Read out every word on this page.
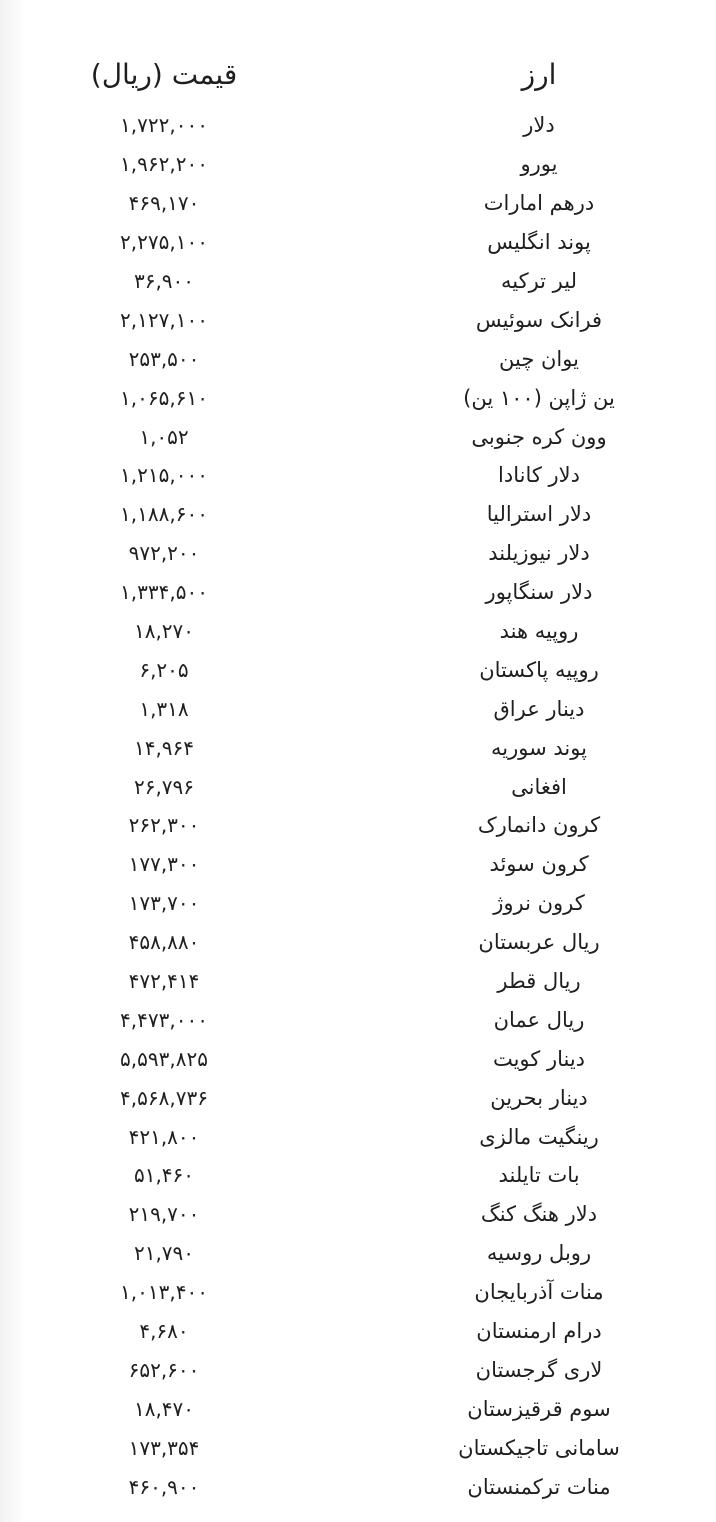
ارز
قیمت (ریال)
دلار
۱,۷۲۲,۰۰۰
یورو
۱,۹۶۲,۲۰۰
درهم امارات
۴۶۹,۱۷۰
پوند انگلیس
۲,۲۷۵,۱۰۰
لیر ترکیه
۳۶,۹۰۰
فرانک سوئیس
۲,۱۲۷,۱۰۰
یوان چین
۲۵۳,۵۰۰
ین ژاپن (۱۰۰ ین)
۱,۰۶۵,۶۱۰
وون کره جنوبی
۱,۰۵۲
دلار کانادا
۱,۲۱۵,۰۰۰
دلار استرالیا
۱,۱۸۸,۶۰۰
دلار نیوزیلند
۹۷۲,۲۰۰
دلار سنگاپور
۱,۳۳۴,۵۰۰
روپیه هند
۱۸,۲۷۰
روپیه پاکستان
۶,۲۰۵
دینار عراق
۱,۳۱۸
پوند سوریه
۱۴,۹۶۴
افغانی
۲۶,۷۹۶
کرون دانمارک
۲۶۲,۳۰۰
کرون سوئد
۱۷۷,۳۰۰
کرون نروژ
۱۷۳,۷۰۰
ریال عربستان
۴۵۸,۸۸۰
ریال قطر
۴۷۲,۴۱۴
ریال عمان
۴,۴۷۳,۰۰۰
دینار کویت
۵,۵۹۳,۸۲۵
دینار بحرین
۴,۵۶۸,۷۳۶
رینگیت مالزی
۴۲۱,۸۰۰
بات تایلند
۵۱,۴۶۰
دلار هنگ کنگ
۲۱۹,۷۰۰
روبل روسیه
۲۱,۷۹۰
منات آذربایجان
۱,۰۱۳,۴۰۰
درام ارمنستان
۴,۶۸۰
لاری گرجستان
۶۵۲,۶۰۰
سوم قرقیزستان
۱۸,۴۷۰
سامانی تاجیکستان
۱۷۳,۳۵۴
منات ترکمنستان
۴۶۰,۹۰۰
